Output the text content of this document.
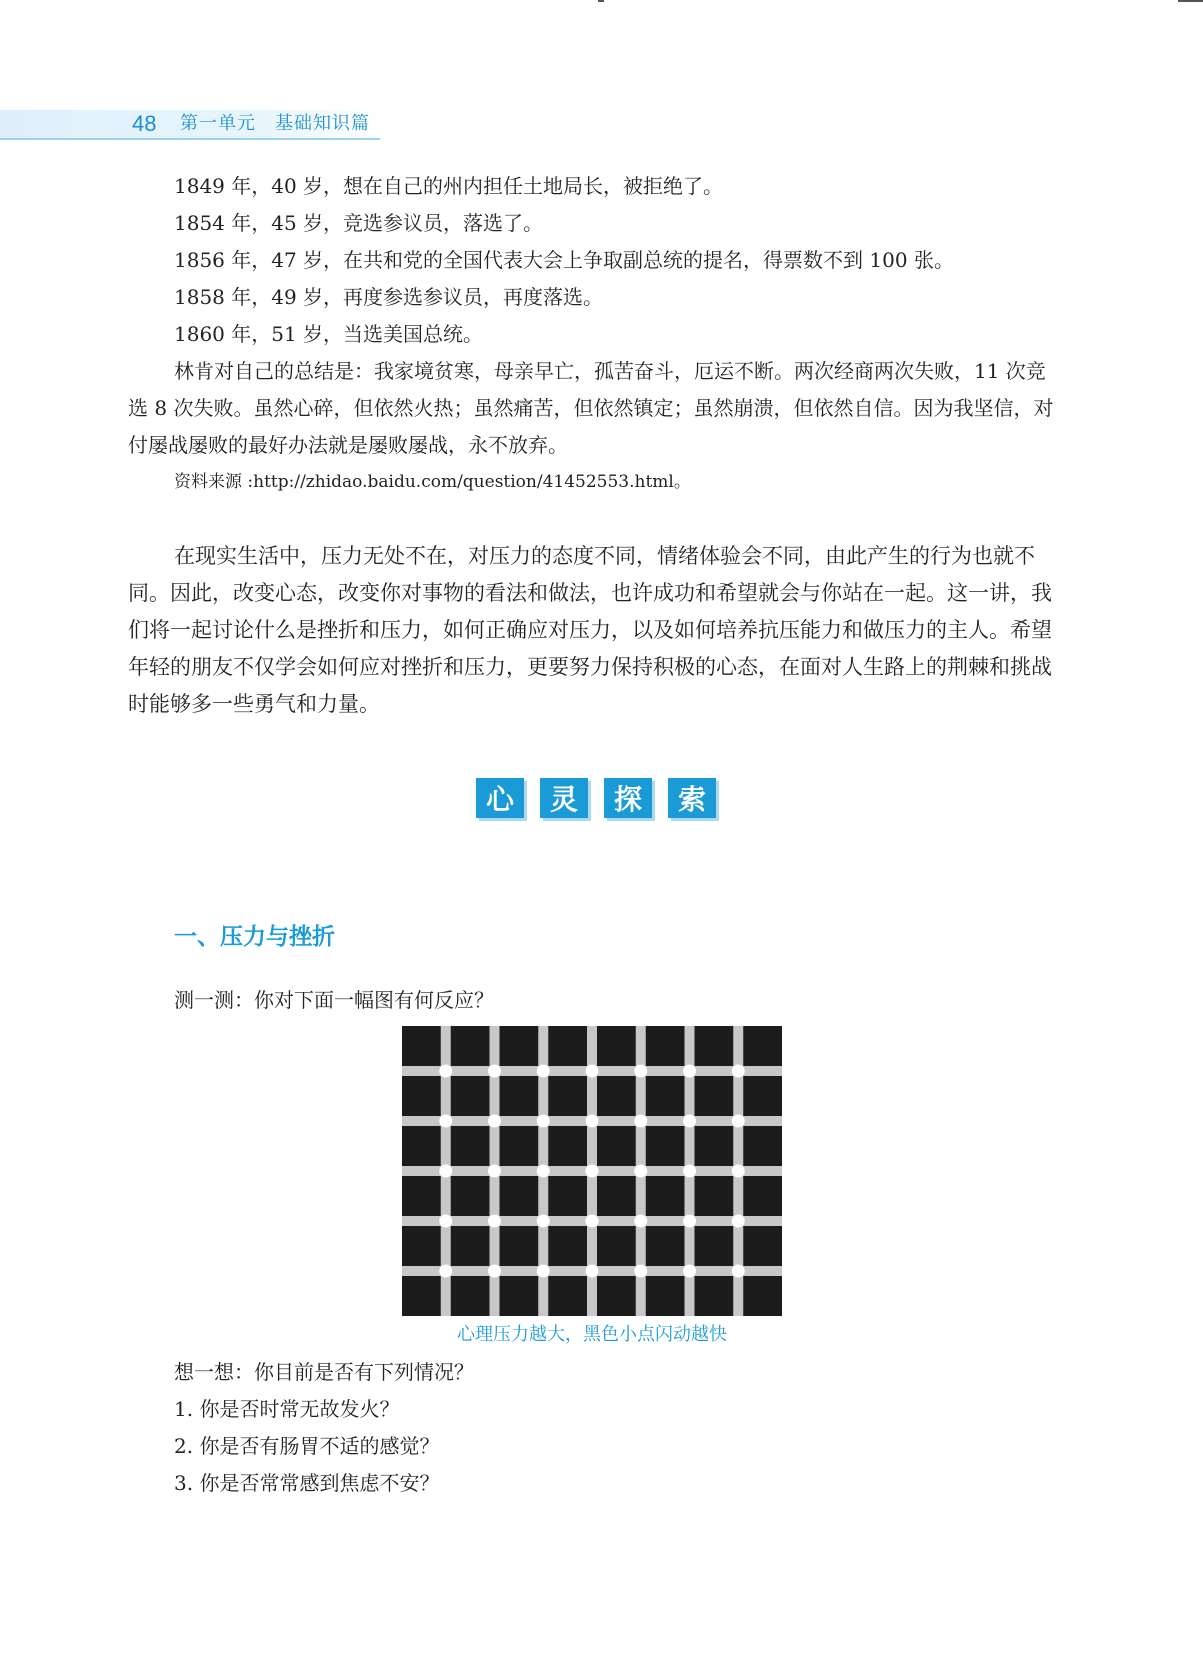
48 第一单元　基础知识篇

1849 年，40 岁，想在自己的州内担任土地局长，被拒绝了。

1854 年，45 岁，竞选参议员，落选了。

1856 年，47 岁，在共和党的全国代表大会上争取副总统的提名，得票数不到 100 张。

1858 年，49 岁，再度参选参议员，再度落选。

1860 年，51 岁，当选美国总统。

林肯对自己的总结是：我家境贫寒，母亲早亡，孤苦奋斗，厄运不断。两次经商两次失败，11 次竞选 8 次失败。虽然心碎，但依然火热；虽然痛苦，但依然镇定；虽然崩溃，但依然自信。因为我坚信，对付屡战屡败的最好办法就是屡败屡战，永不放弃。

资料来源 :http://zhidao.baidu.com/question/41452553.html。

在现实生活中，压力无处不在，对压力的态度不同，情绪体验会不同，由此产生的行为也就不同。因此，改变心态，改变你对事物的看法和做法，也许成功和希望就会与你站在一起。这一讲，我们将一起讨论什么是挫折和压力，如何正确应对压力，以及如何培养抗压能力和做压力的主人。希望年轻的朋友不仅学会如何应对挫折和压力，更要努力保持积极的心态，在面对人生路上的荆棘和挑战时能够多一些勇气和力量。

心	灵	探	索
一、压力与挫折
测一测：你对下面一幅图有何反应？
心理压力越大，黑色小点闪动越快

想一想：你目前是否有下列情况？

1. 你是否时常无故发火？

2. 你是否有肠胃不适的感觉？

3. 你是否常常感到焦虑不安？
